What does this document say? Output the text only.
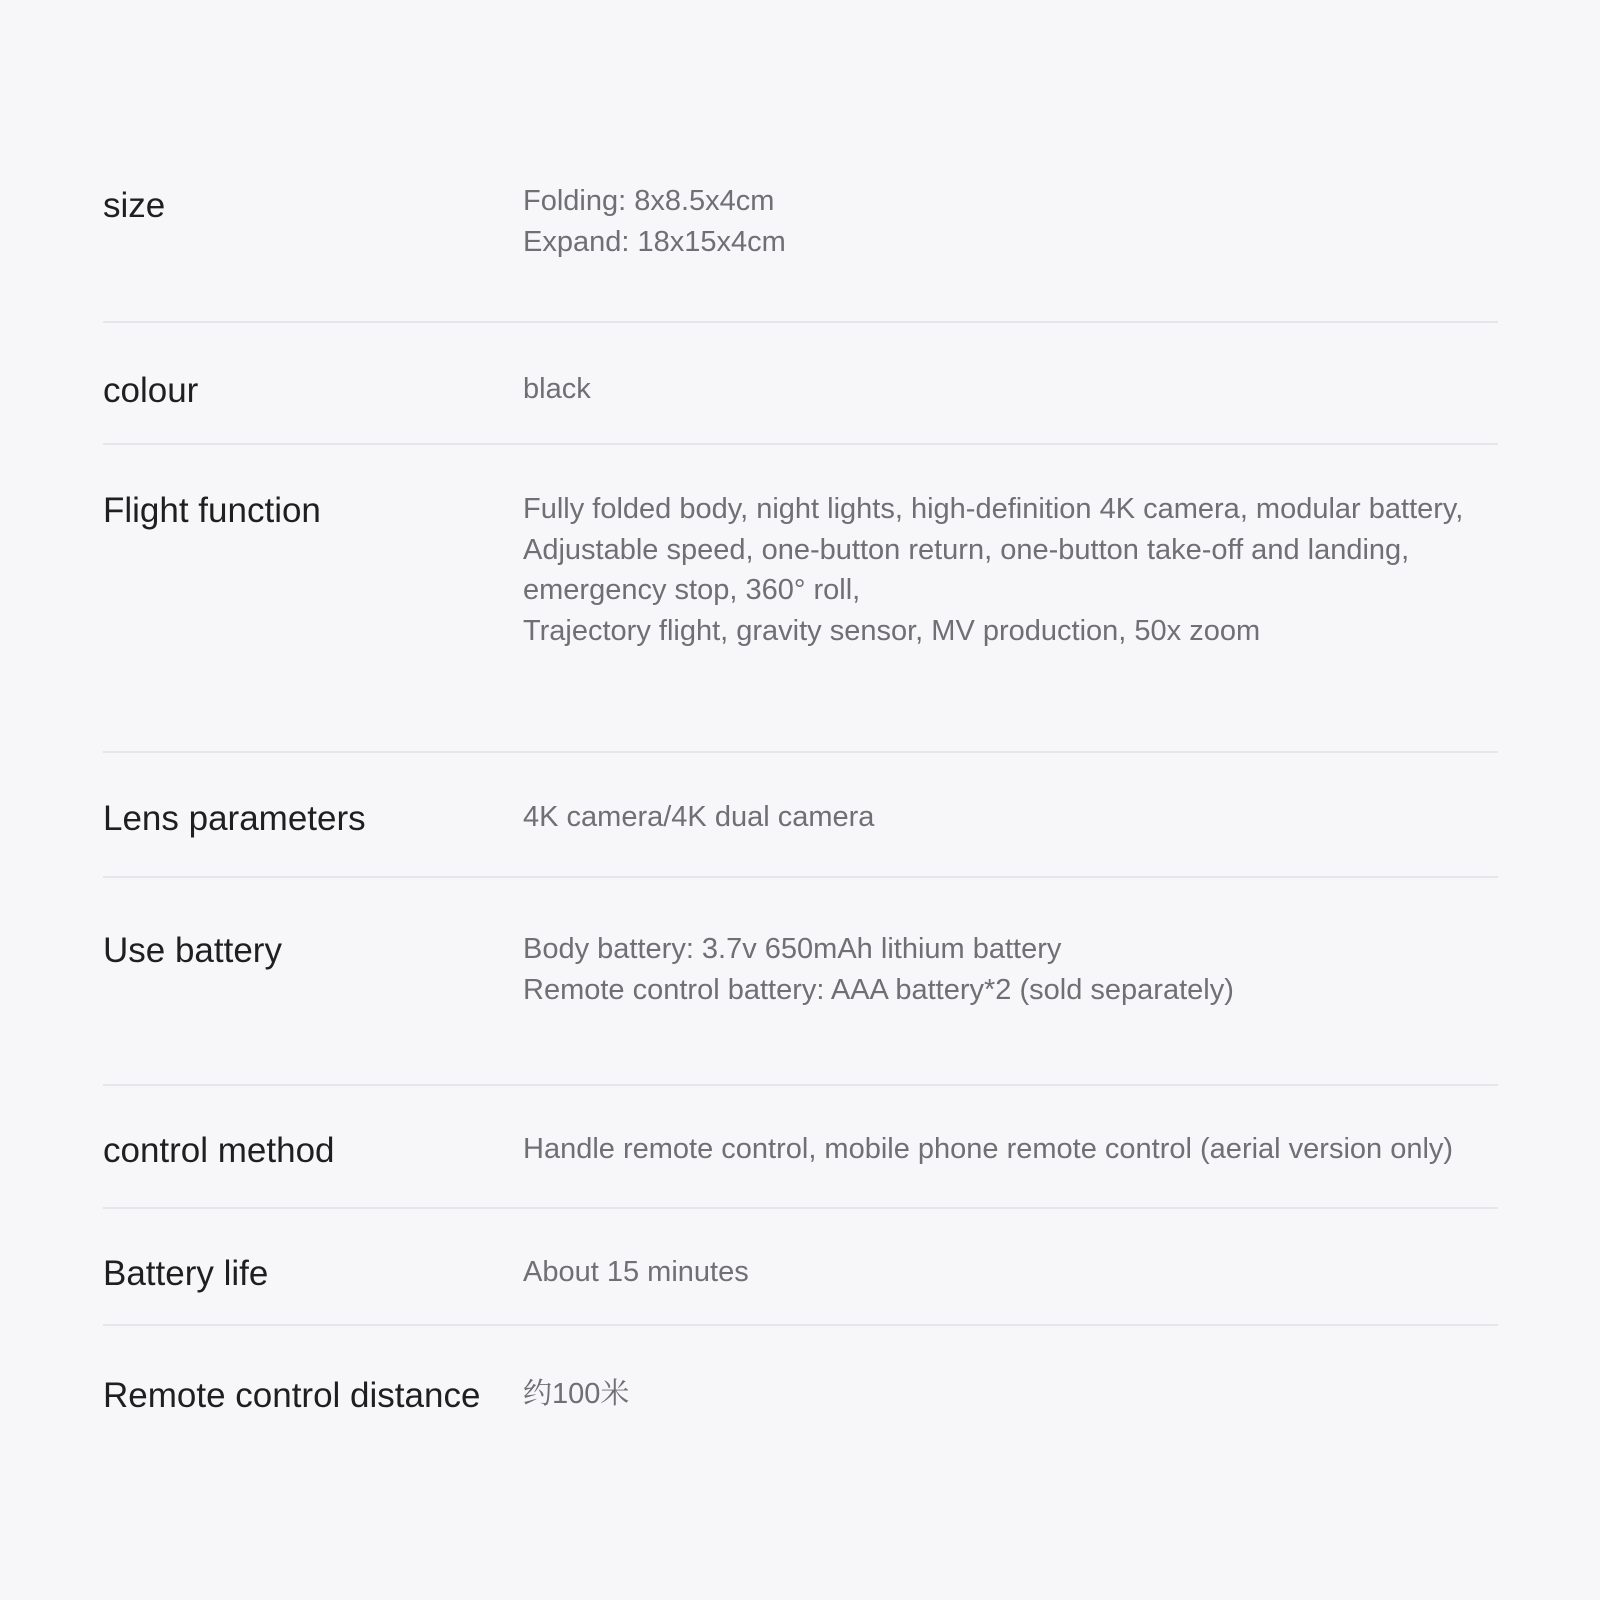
size	Folding: 8x8.5x4cm
Expand: 18x15x4cm
colour	black
Flight function	Fully folded body, night lights, high-definition 4K camera, modular battery,
Adjustable speed, one-button return, one-button take-off and landing,
emergency stop, 360° roll,
Trajectory flight, gravity sensor, MV production, 50x zoom
Lens parameters	4K camera/4K dual camera
Use battery	Body battery: 3.7v 650mAh lithium battery
Remote control battery: AAA battery*2 (sold separately)
control method	Handle remote control, mobile phone remote control (aerial version only)
Battery life	About 15 minutes
Remote control distance 约100米
